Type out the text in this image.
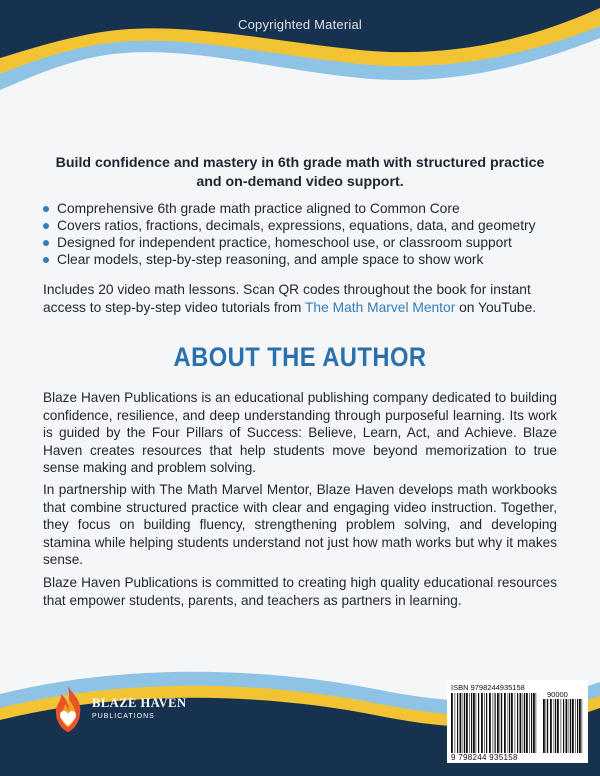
Copyrighted Material
Build confidence and mastery in 6th grade math with structured practice and on-demand video support.
Comprehensive 6th grade math practice aligned to Common Core
Covers ratios, fractions, decimals, expressions, equations, data, and geometry
Designed for independent practice, homeschool use, or classroom support
Clear models, step-by-step reasoning, and ample space to show work
Includes 20 video math lessons. Scan QR codes throughout the book for instant access to step-by-step video tutorials from The Math Marvel Mentor on YouTube.
ABOUT THE AUTHOR
Blaze Haven Publications is an educational publishing company dedicated to building confidence, resilience, and deep understanding through purposeful learning. Its work is guided by the Four Pillars of Success: Believe, Learn, Act, and Achieve. Blaze Haven creates resources that help students move beyond memorization to true sense making and problem solving.
In partnership with The Math Marvel Mentor, Blaze Haven develops math workbooks that combine structured practice with clear and engaging video instruction. Together, they focus on building fluency, strengthening problem solving, and developing stamina while helping students understand not just how math works but why it makes sense.
Blaze Haven Publications is committed to creating high quality educational resources that empower students, parents, and teachers as partners in learning.
BLAZE HAVEN
PUBLICATIONS
ISBN 9798244935158
90000
9 798244 935158
